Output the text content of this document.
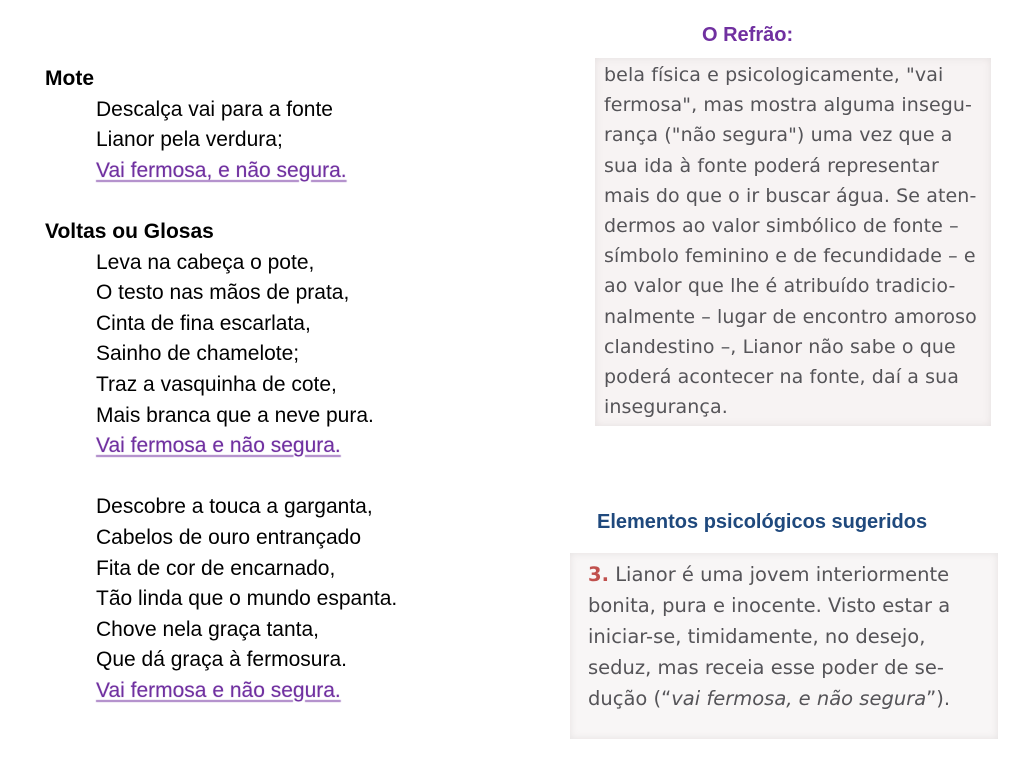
Mote
Descalça vai para a fonte
Lianor pela verdura;
Vai fermosa, e não segura.
Voltas ou Glosas
Leva na cabeça o pote,
O testo nas mãos de prata,
Cinta de fina escarlata,
Sainho de chamelote;
Traz a vasquinha de cote,
Mais branca que a neve pura.
Vai fermosa e não segura.
Descobre a touca a garganta,
Cabelos de ouro entrançado
Fita de cor de encarnado,
Tão linda que o mundo espanta.
Chove nela graça tanta,
Que dá graça à fermosura.
Vai fermosa e não segura.
O Refrão:
bela física e psicologicamente, "vai
fermosa", mas mostra alguma insegu-
rança ("não segura") uma vez que a
sua ida à fonte poderá representar
mais do que o ir buscar água. Se aten-
dermos ao valor simbólico de fonte –
símbolo feminino e de fecundidade – e
ao valor que lhe é atribuído tradicio-
nalmente – lugar de encontro amoroso
clandestino –, Lianor não sabe o que
poderá acontecer na fonte, daí a sua
insegurança.
Elementos psicológicos sugeridos
3. Lianor é uma jovem interiormente
bonita, pura e inocente. Visto estar a
iniciar-se, timidamente, no desejo,
seduz, mas receia esse poder de se-
dução (“vai fermosa, e não segura”).
